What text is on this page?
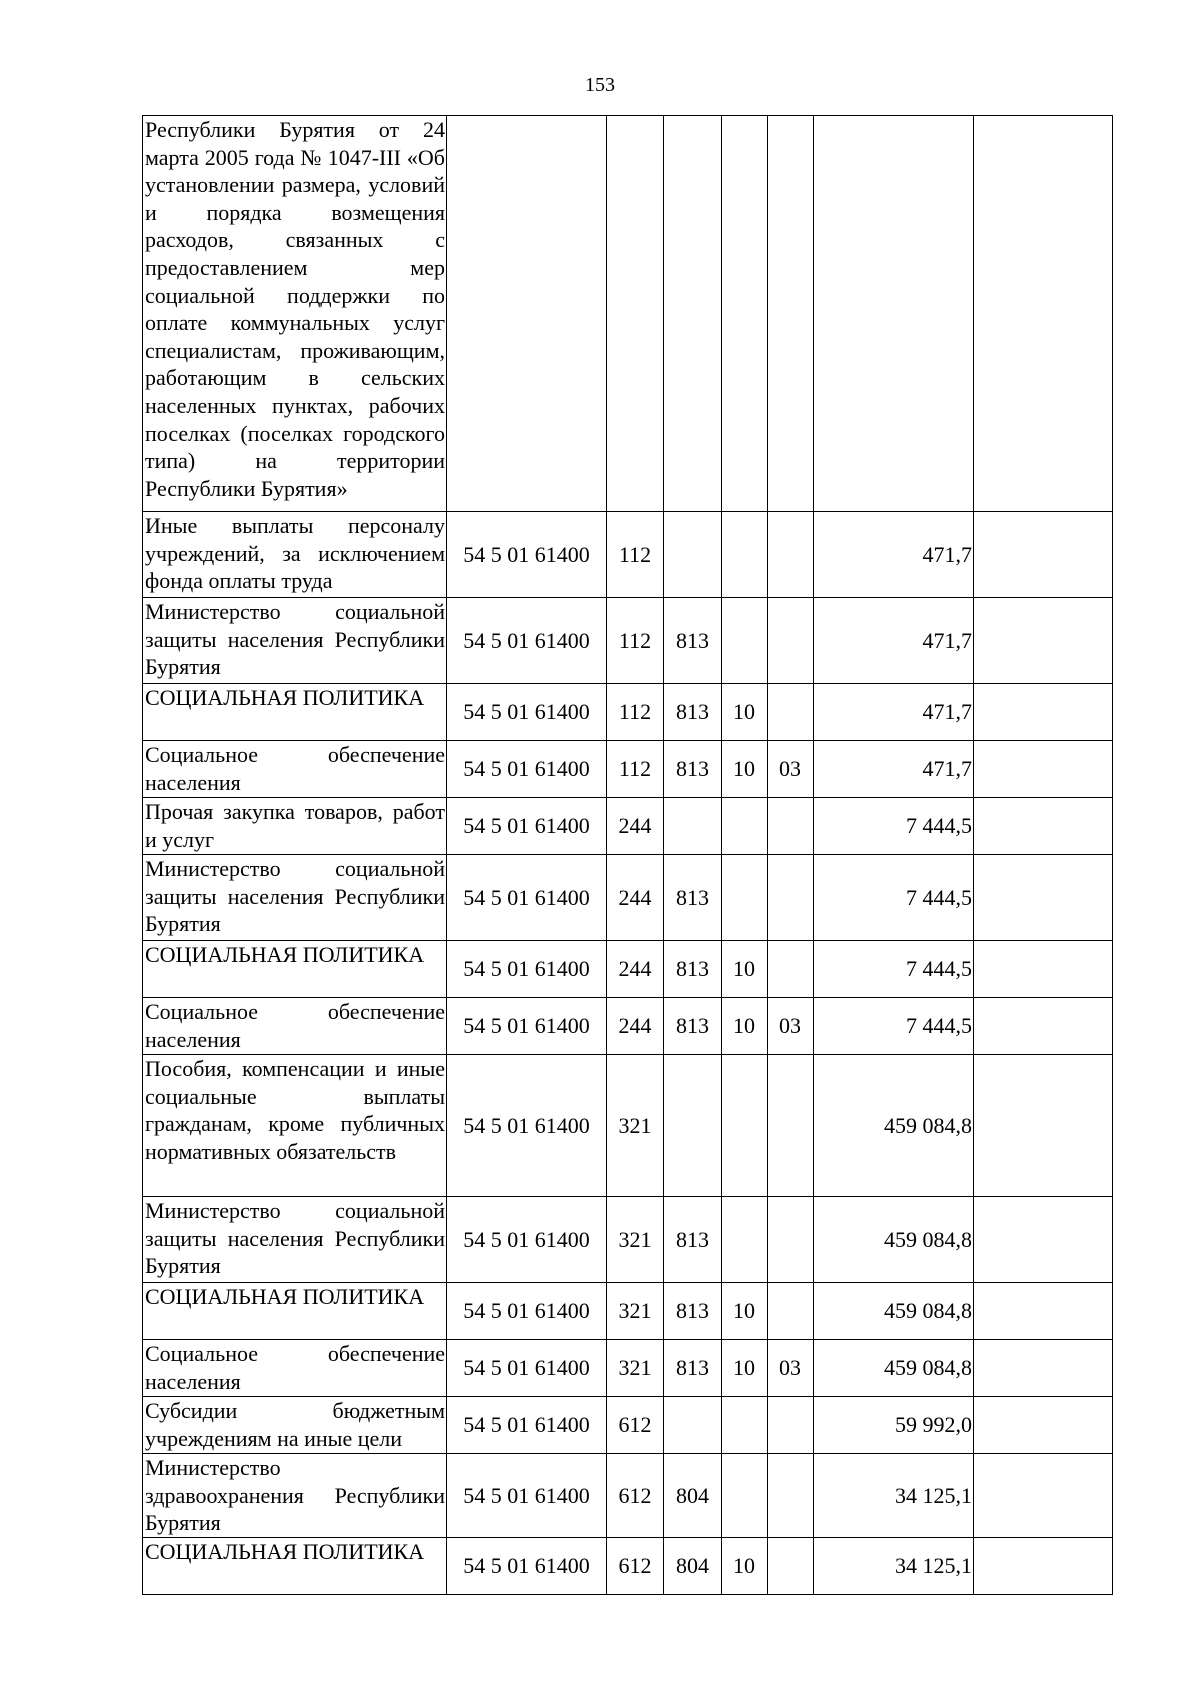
153
Республики Бурятия от 24 марта 2005 года № 1047-III «Об установлении размера, условий и порядка возмещения расходов, связанных с предоставлением мер социальной поддержки по оплате коммунальных услуг специалистам, проживающим, работающим в сельских населенных пунктах, рабочих поселках (поселках городского типа) на территории Республики Бурятия»							
Иные выплаты персоналу учреждений, за исключением фонда оплаты труда	54 5 01 61400	112				471,7	
Министерство социальной защиты населения Республики Бурятия	54 5 01 61400	112	813			471,7	
СОЦИАЛЬНАЯ ПОЛИТИКА	54 5 01 61400	112	813	10		471,7	
Социальное обеспечение населения	54 5 01 61400	112	813	10	03	471,7	
Прочая закупка товаров, работ и услуг	54 5 01 61400	244				7 444,5	
Министерство социальной защиты населения Республики Бурятия	54 5 01 61400	244	813			7 444,5	
СОЦИАЛЬНАЯ ПОЛИТИКА	54 5 01 61400	244	813	10		7 444,5	
Социальное обеспечение населения	54 5 01 61400	244	813	10	03	7 444,5	
Пособия, компенсации и иные социальные выплаты гражданам, кроме публичных нормативных обязательств	54 5 01 61400	321				459 084,8	
Министерство социальной защиты населения Республики Бурятия	54 5 01 61400	321	813			459 084,8	
СОЦИАЛЬНАЯ ПОЛИТИКА	54 5 01 61400	321	813	10		459 084,8	
Социальное обеспечение населения	54 5 01 61400	321	813	10	03	459 084,8	
Субсидии бюджетным учреждениям на иные цели	54 5 01 61400	612				59 992,0	
Министерство здравоохранения Республики Бурятия	54 5 01 61400	612	804			34 125,1	
СОЦИАЛЬНАЯ ПОЛИТИКА	54 5 01 61400	612	804	10		34 125,1	
